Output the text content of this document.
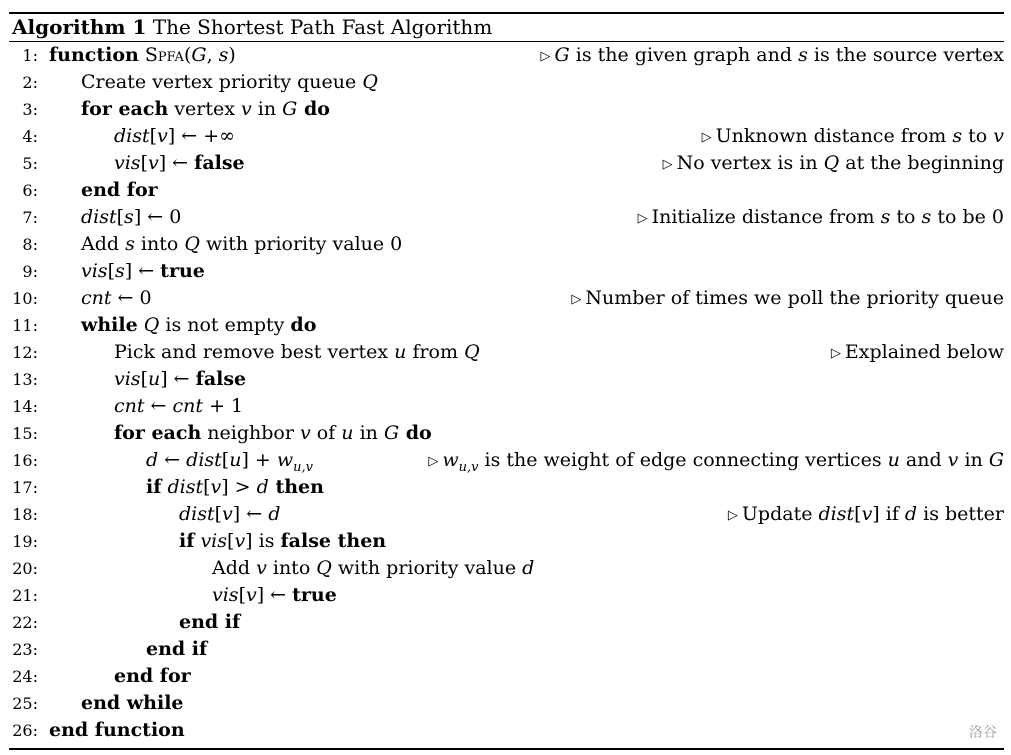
Algorithm 1 The Shortest Path Fast Algorithm
1: function Spfa(G, s)	▷ G is the given graph and s is the source vertex
2: Create vertex priority queue Q
3: for each vertex v in G do
4:	dist[v] ← +∞	▷ Unknown distance from s to v
5:	vis[v] ← false	▷ No vertex is in Q at the beginning
6: end for
7: dist[s] ← 0	▷ Initialize distance from s to s to be 0
8: Add s into Q with priority value 0
9: vis[s] ← true
10: cnt ← 0	▷ Number of times we poll the priority queue
11: while Q is not empty do
12:	Pick and remove best vertex u from Q	▷ Explained below
13:	vis[u] ← false
14:	cnt ← cnt + 1
15:	for each neighbor v of u in G do
16:	d ← dist[u] + $w_{u,v}$	▷ $w_{u,v}$ is the weight of edge connecting vertices u and v in G
17:	if dist[v] > d then
18:	dist[v] ← d	▷ Update dist[v] if d is better
19:	if vis[v] is false then
20:	Add v into Q with priority value d
21:	vis[v] ← true
22:	end if
23:	end if
24:	end for
25: end while
26: end function	洛谷
